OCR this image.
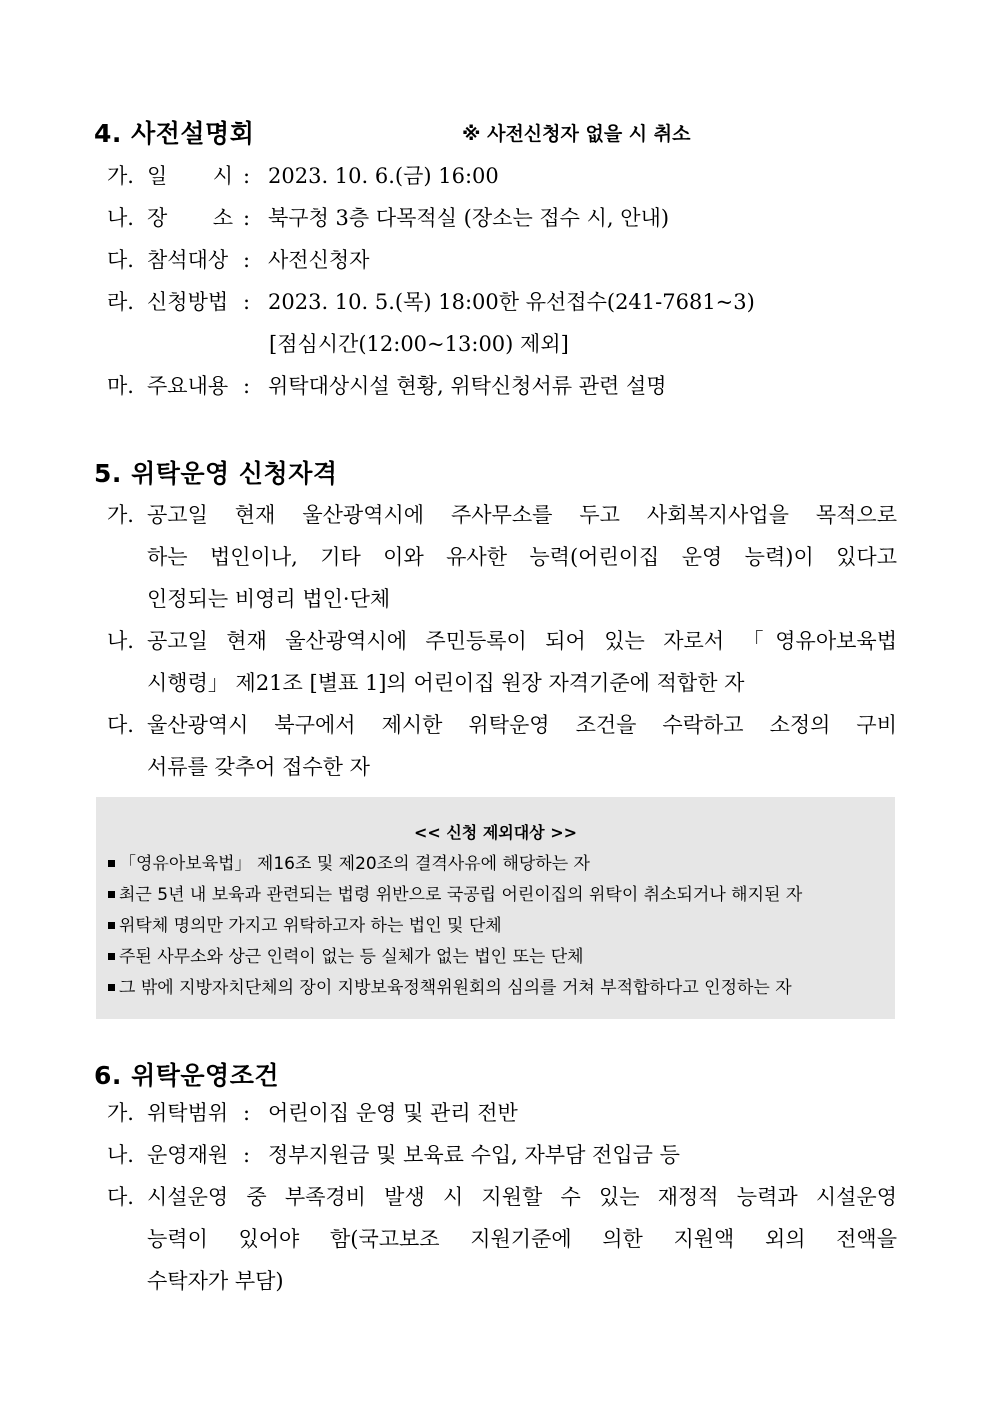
4. 사전설명회	※ 사전신청자 없을 시 취소
가. 일 시 : 2023. 10. 6.(금) 16:00
나. 장 소 : 북구청 3층 다목적실 (장소는 접수 시, 안내)
다. 참석대상 : 사전신청자
라. 신청방법 : 2023. 10. 5.(목) 18:00한 유선접수(241-7681~3)
[점심시간(12:00~13:00) 제외]
마. 주요내용 : 위탁대상시설 현황, 위탁신청서류 관련 설명
5. 위탁운영 신청자격
가. 공고일 현재 울산광역시에 주사무소를 두고 사회복지사업을 목적으로
하는 법인이나, 기타 이와 유사한 능력(어린이집 운영 능력)이 있다고
인정되는 비영리 법인·단체
나. 공고일 현재 울산광역시에 주민등록이 되어 있는 자로서 「영유아보육법
시행령」 제21조 [별표 1]의 어린이집 원장 자격기준에 적합한 자
다. 울산광역시 북구에서 제시한 위탁운영 조건을 수락하고 소정의 구비
서류를 갖추어 접수한 자
<< 신청 제외대상 >>
「영유아보육법」 제16조 및 제20조의 결격사유에 해당하는 자
최근 5년 내 보육과 관련되는 법령 위반으로 국공립 어린이집의 위탁이 취소되거나 해지된 자
위탁체 명의만 가지고 위탁하고자 하는 법인 및 단체
주된 사무소와 상근 인력이 없는 등 실체가 없는 법인 또는 단체
그 밖에 지방자치단체의 장이 지방보육정책위원회의 심의를 거쳐 부적합하다고 인정하는 자
6. 위탁운영조건
가. 위탁범위 : 어린이집 운영 및 관리 전반
나. 운영재원 : 정부지원금 및 보육료 수입, 자부담 전입금 등
다. 시설운영 중 부족경비 발생 시 지원할 수 있는 재정적 능력과 시설운영
능력이 있어야 함(국고보조 지원기준에 의한 지원액 외의 전액을
수탁자가 부담)
